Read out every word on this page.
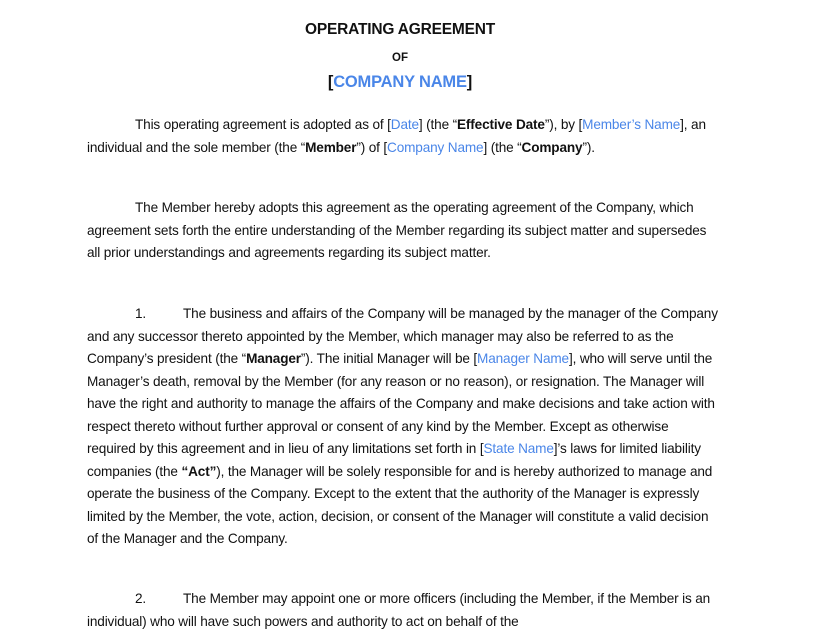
OPERATING AGREEMENT
OF
[COMPANY NAME]
This operating agreement is adopted as of [Date] (the “Effective Date”), by [Member’s Name], an individual and the sole member (the “Member”) of [Company Name] (the “Company”).
The Member hereby adopts this agreement as the operating agreement of the Company, which agreement sets forth the entire understanding of the Member regarding its subject matter and supersedes all prior understandings and agreements regarding its subject matter.
1.	The business and affairs of the Company will be managed by the manager of the Company and any successor thereto appointed by the Member, which manager may also be referred to as the Company’s president (the “Manager”). The initial Manager will be [Manager Name], who will serve until the Manager’s death, removal by the Member (for any reason or no reason), or resignation. The Manager will have the right and authority to manage the affairs of the Company and make decisions and take action with respect thereto without further approval or consent of any kind by the Member. Except as otherwise required by this agreement and in lieu of any limitations set forth in [State Name]’s laws for limited liability companies (the “Act”), the Manager will be solely responsible for and is hereby authorized to manage and operate the business of the Company. Except to the extent that the authority of the Manager is expressly limited by the Member, the vote, action, decision, or consent of the Manager will constitute a valid decision of the Manager and the Company.
2.	The Member may appoint one or more officers (including the Member, if the Member is an individual) who will have such powers and authority to act on behalf of the
